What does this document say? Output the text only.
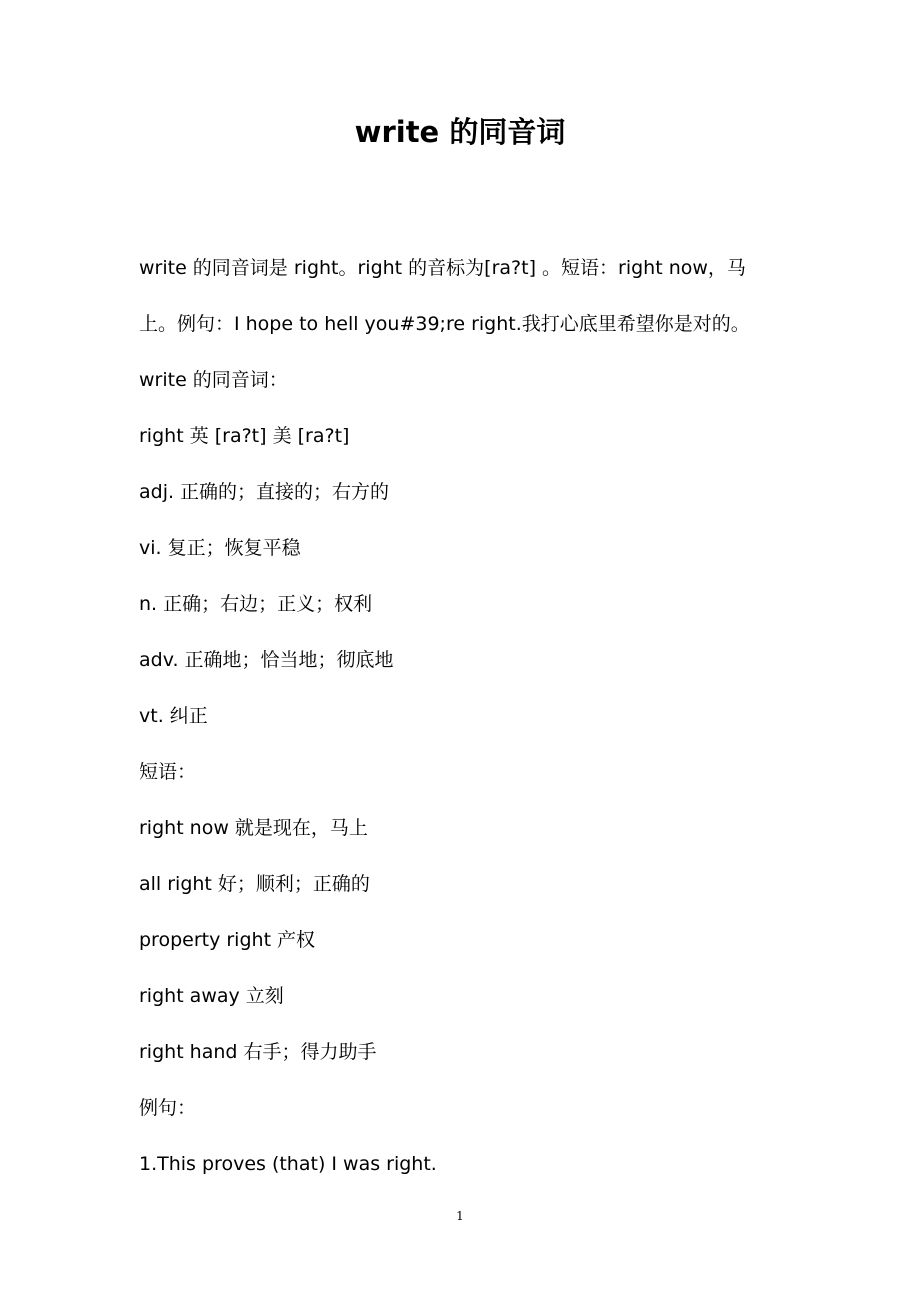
write 的同音词
write 的同音词是 right。right 的音标为[ra?t] 。短语：right now，马
上。例句：I hope to hell you#39;re right.我打心底里希望你是对的。
write 的同音词：
right 英 [ra?t] 美 [ra?t]
adj. 正确的；直接的；右方的
vi. 复正；恢复平稳
n. 正确；右边；正义；权利
adv. 正确地；恰当地；彻底地
vt. 纠正
短语：
right now 就是现在，马上
all right 好；顺利；正确的
property right 产权
right away 立刻
right hand 右手；得力助手
例句：
1.This proves (that) I was right.
1
